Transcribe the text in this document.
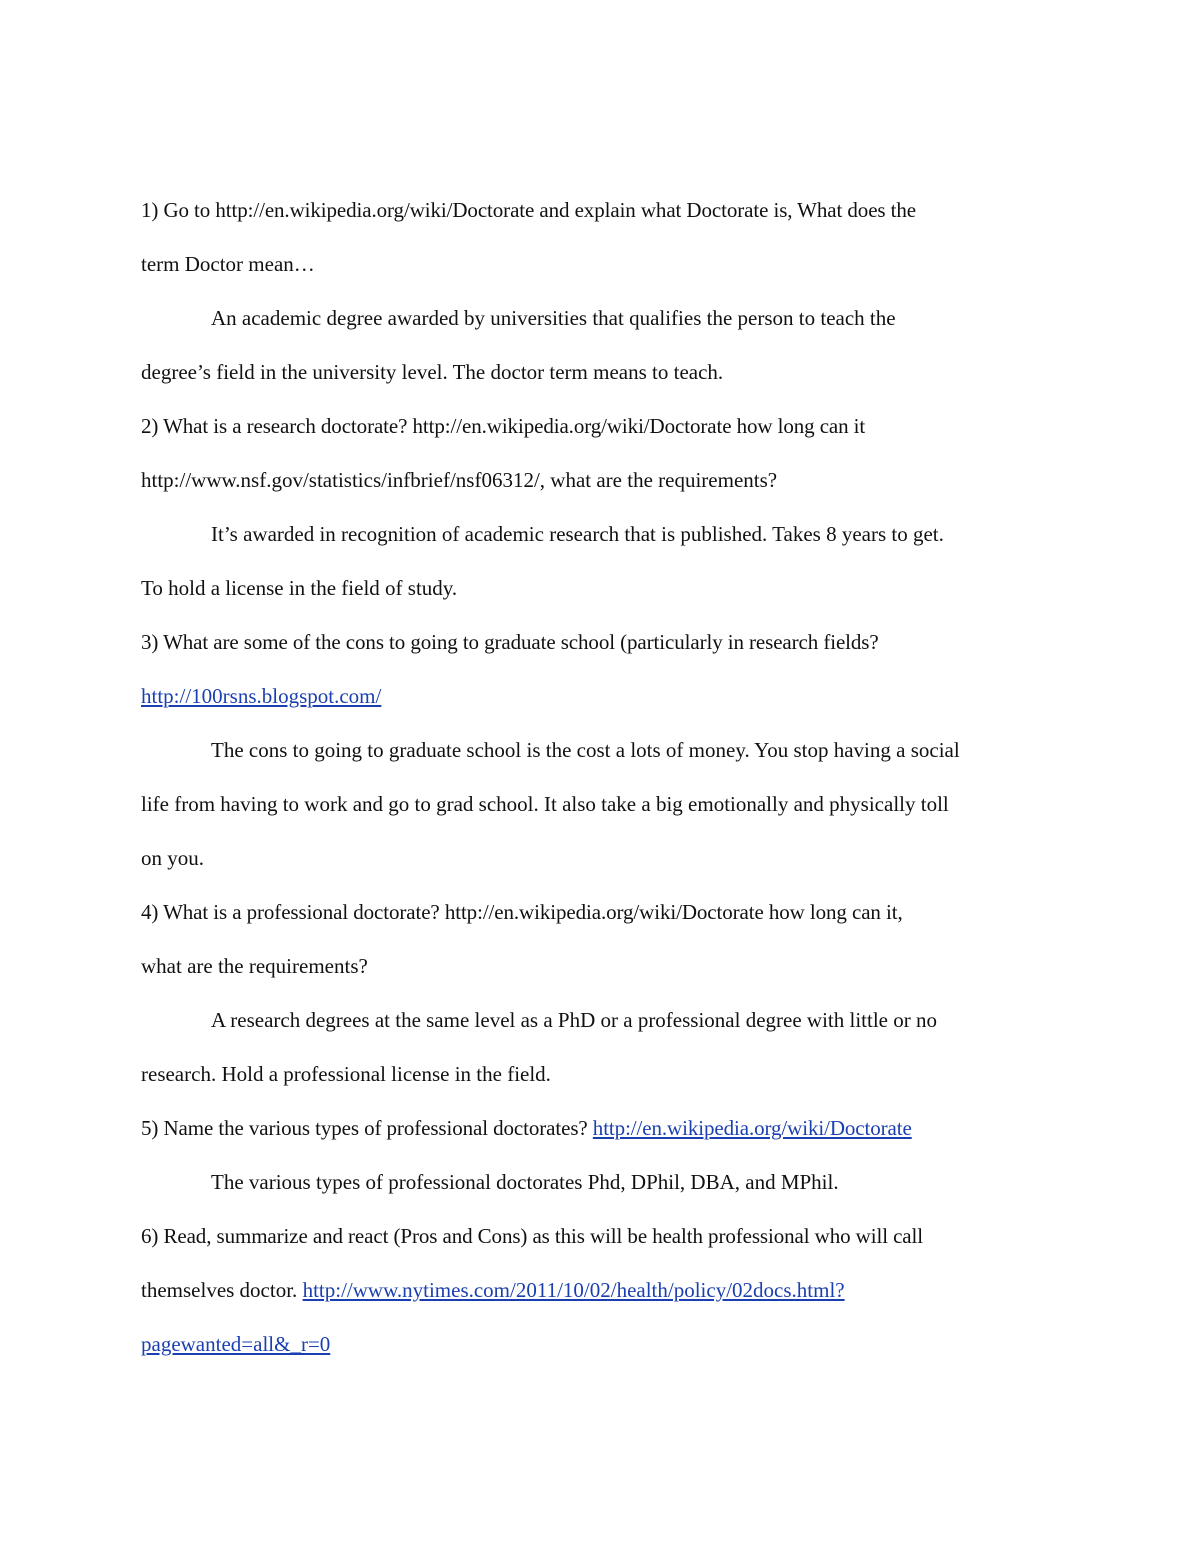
1) Go to http://en.wikipedia.org/wiki/Doctorate and explain what Doctorate is, What does the
term Doctor mean…
An academic degree awarded by universities that qualifies the person to teach the
degree’s field in the university level. The doctor term means to teach.
2) What is a research doctorate? http://en.wikipedia.org/wiki/Doctorate how long can it
http://www.nsf.gov/statistics/infbrief/nsf06312/, what are the requirements?
It’s awarded in recognition of academic research that is published. Takes 8 years to get.
To hold a license in the field of study.
3) What are some of the cons to going to graduate school (particularly in research fields?
http://100rsns.blogspot.com/
The cons to going to graduate school is the cost a lots of money. You stop having a social
life from having to work and go to grad school. It also take a big emotionally and physically toll
on you.
4) What is a professional doctorate? http://en.wikipedia.org/wiki/Doctorate how long can it,
what are the requirements?
A research degrees at the same level as a PhD or a professional degree with little or no
research. Hold a professional license in the field.
5) Name the various types of professional doctorates? http://en.wikipedia.org/wiki/Doctorate
The various types of professional doctorates Phd, DPhil, DBA, and MPhil.
6) Read, summarize and react (Pros and Cons) as this will be health professional who will call
themselves doctor. http://www.nytimes.com/2011/10/02/health/policy/02docs.html?
pagewanted=all&_r=0
